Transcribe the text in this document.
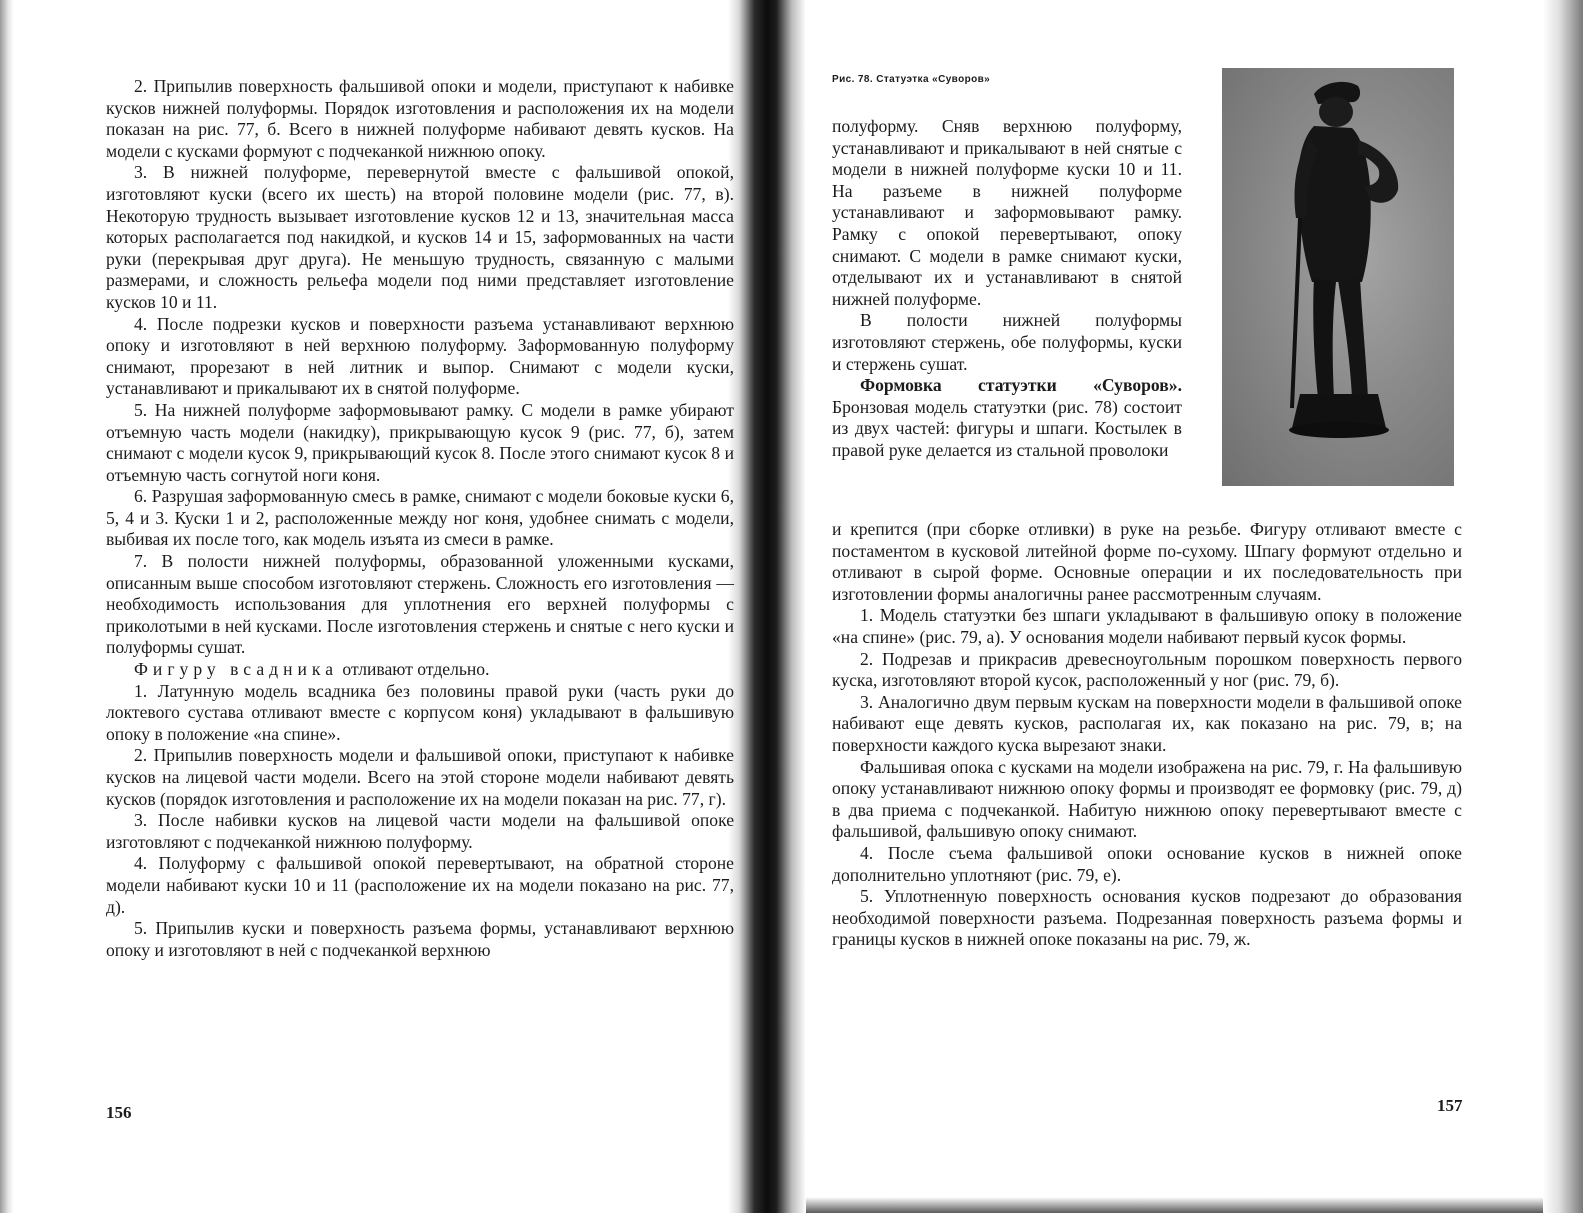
2. Припылив поверхность фальшивой опоки и модели, приступают к набивке кусков нижней полуформы. Порядок изготовления и расположения их на модели показан на рис. 77, б. Всего в нижней полуформе набивают девять кусков. На модели с кусками формуют с подчеканкой нижнюю опоку.

3. В нижней полуформе, перевернутой вместе с фальшивой опокой, изготовляют куски (всего их шесть) на второй половине модели (рис. 77, в). Некоторую трудность вызывает изготовление кусков 12 и 13, значительная масса которых располагается под накидкой, и кусков 14 и 15, заформованных на части руки (перекрывая друг друга). Не меньшую трудность, связанную с малыми размерами, и сложность рельефа модели под ними представляет изготовление кусков 10 и 11.

4. После подрезки кусков и поверхности разъема устанавливают верхнюю опоку и изготовляют в ней верхнюю полуформу. Заформованную полуформу снимают, прорезают в ней литник и выпор. Снимают с модели куски, устанавливают и прикалывают их в снятой полуформе.

5. На нижней полуформе заформовывают рамку. С модели в рамке убирают отъемную часть модели (накидку), прикрывающую кусок 9 (рис. 77, б), затем снимают с модели кусок 9, прикрывающий кусок 8. После этого снимают кусок 8 и отъемную часть согнутой ноги коня.

6. Разрушая заформованную смесь в рамке, снимают с модели боковые куски 6, 5, 4 и 3. Куски 1 и 2, расположенные между ног коня, удобнее снимать с модели, выбивая их после того, как модель изъята из смеси в рамке.

7. В полости нижней полуформы, образованной уложенными кусками, описанным выше способом изготовляют стержень. Сложность его изготовления — необходимость использования для уплотнения его верхней полуформы с приколотыми в ней кусками. После изготовления стержень и снятые с него куски и полуформы сушат.

Фигуру всадника отливают отдельно.

1. Латунную модель всадника без половины правой руки (часть руки до локтевого сустава отливают вместе с корпусом коня) укладывают в фальшивую опоку в положение «на спине».

2. Припылив поверхность модели и фальшивой опоки, приступают к набивке кусков на лицевой части модели. Всего на этой стороне модели набивают девять кусков (порядок изготовления и расположение их на модели показан на рис. 77, г).

3. После набивки кусков на лицевой части модели на фальшивой опоке изготовляют с подчеканкой нижнюю полуформу.

4. Полуформу с фальшивой опокой перевертывают, на обратной стороне модели набивают куски 10 и 11 (расположение их на модели показано на рис. 77, д).

5. Припылив куски и поверхность разъема формы, устанавливают верхнюю опоку и изготовляют в ней с подчеканкой верхнюю

156
Рис. 78. Статуэтка «Суворов»

полуформу. Сняв верхнюю полуформу, устанавливают и прикалывают в ней снятые с модели в нижней полуформе куски 10 и 11. На разъеме в нижней полуформе устанавливают и заформовывают рамку. Рамку с опокой перевертывают, опоку снимают. С модели в рамке снимают куски, отделывают их и устанавливают в снятой нижней полуформе.

В полости нижней полуформы изготовляют стержень, обе полуформы, куски и стержень сушат.

Формовка статуэтки «Суворов». Бронзовая модель статуэтки (рис. 78) состоит из двух частей: фигуры и шпаги. Костылек в правой руке делается из стальной проволоки

и крепится (при сборке отливки) в руке на резьбе. Фигуру отливают вместе с постаментом в кусковой литейной форме по-сухому. Шпагу формуют отдельно и отливают в сырой форме. Основные операции и их последовательность при изготовлении формы аналогичны ранее рассмотренным случаям.

1. Модель статуэтки без шпаги укладывают в фальшивую опоку в положение «на спине» (рис. 79, а). У основания модели набивают первый кусок формы.

2. Подрезав и прикрасив древесноугольным порошком поверхность первого куска, изготовляют второй кусок, расположенный у ног (рис. 79, б).

3. Аналогично двум первым кускам на поверхности модели в фальшивой опоке набивают еще девять кусков, располагая их, как показано на рис. 79, в; на поверхности каждого куска вырезают знаки.

Фальшивая опока с кусками на модели изображена на рис. 79, г. На фальшивую опоку устанавливают нижнюю опоку формы и производят ее формовку (рис. 79, д) в два приема с подчеканкой. Набитую нижнюю опоку перевертывают вместе с фальшивой, фальшивую опоку снимают.

4. После съема фальшивой опоки основание кусков в нижней опоке дополнительно уплотняют (рис. 79, е).

5. Уплотненную поверхность основания кусков подрезают до образования необходимой поверхности разъема. Подрезанная поверхность разъема формы и границы кусков в нижней опоке показаны на рис. 79, ж.

157
